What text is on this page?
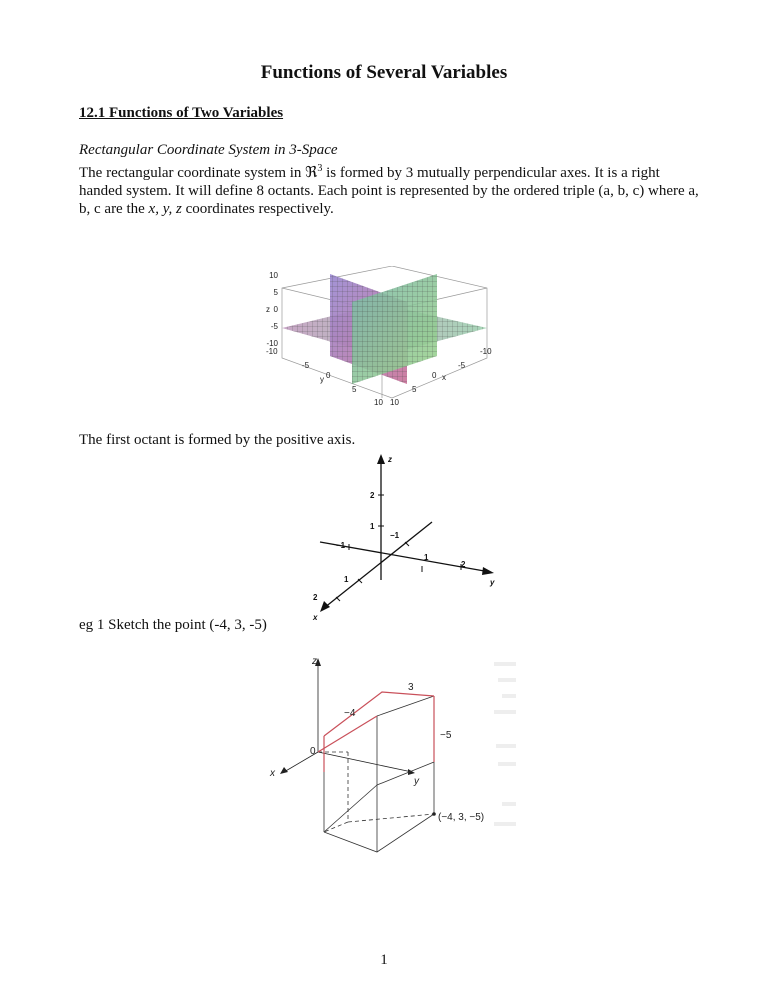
Functions of Several Variables
12.1 Functions of Two Variables
Rectangular Coordinate System in 3-Space
The rectangular coordinate system in ℜ$^3$ is formed by 3 mutually perpendicular axes. It is a right handed system. It will define 8 octants. Each point is represented by the ordered triple (a, b, c) where a, b, c are the x, y, z coordinates respectively.
10
5
0
-5
-10
z
-10
-5
0
5
10
y
10
5
0
-5
-10
x
The first octant is formed by the positive axis.
z
2
1
−1
−1
1
2
y
1
2
x
eg 1 Sketch the point (-4, 3, -5)
z
x
y
0
−4
3
−5
(−4, 3, −5)
1
